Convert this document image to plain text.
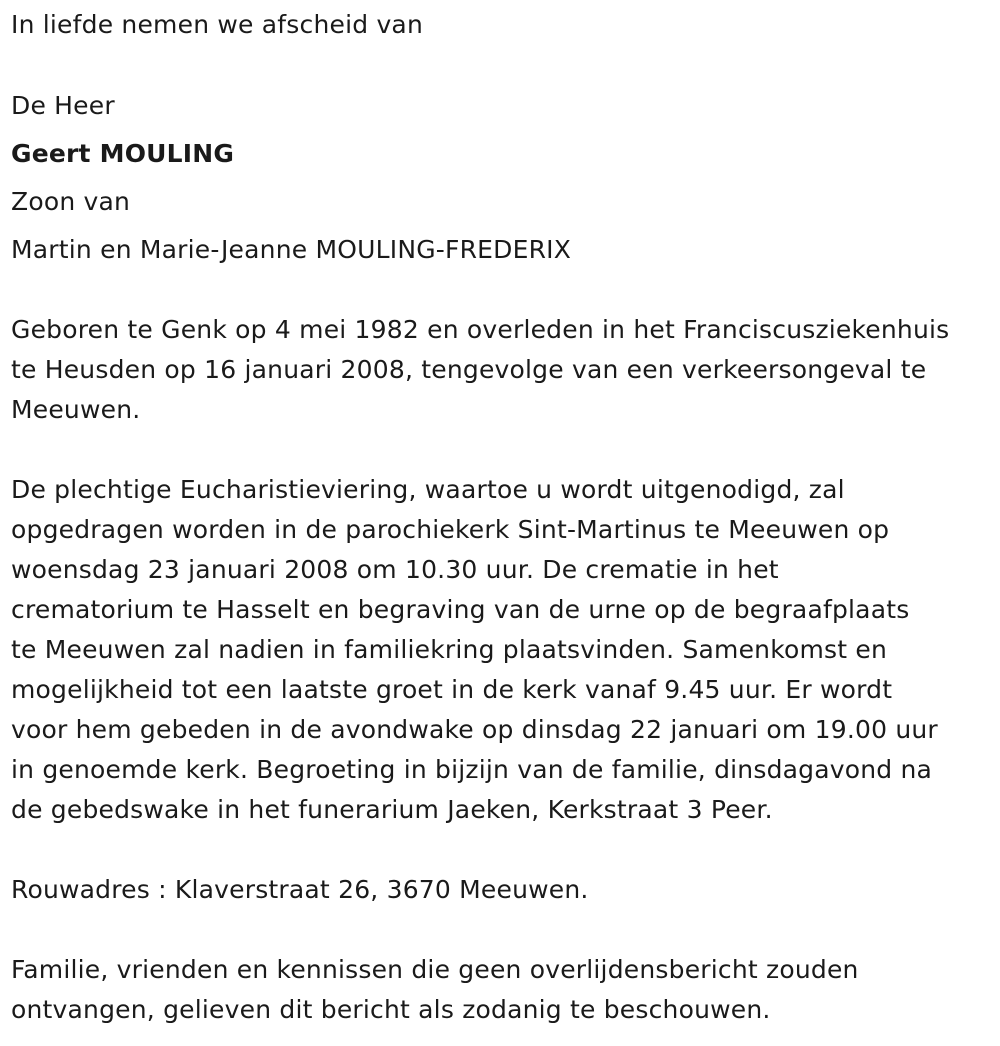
In liefde nemen we afscheid van
De Heer
Geert MOULING
Zoon van
Martin en Marie-Jeanne MOULING-FREDERIX
Geboren te Genk op 4 mei 1982 en overleden in het Franciscusziekenhuis
te Heusden op 16 januari 2008, tengevolge van een verkeersongeval te
Meeuwen.
De plechtige Eucharistieviering, waartoe u wordt uitgenodigd, zal
opgedragen worden in de parochiekerk Sint-Martinus te Meeuwen op
woensdag 23 januari 2008 om 10.30 uur. De crematie in het
crematorium te Hasselt en begraving van de urne op de begraafplaats
te Meeuwen zal nadien in familiekring plaatsvinden. Samenkomst en
mogelijkheid tot een laatste groet in de kerk vanaf 9.45 uur. Er wordt
voor hem gebeden in de avondwake op dinsdag 22 januari om 19.00 uur
in genoemde kerk. Begroeting in bijzijn van de familie, dinsdagavond na
de gebedswake in het funerarium Jaeken, Kerkstraat 3 Peer.
Rouwadres : Klaverstraat 26, 3670 Meeuwen.
Familie, vrienden en kennissen die geen overlijdensbericht zouden
ontvangen, gelieven dit bericht als zodanig te beschouwen.
